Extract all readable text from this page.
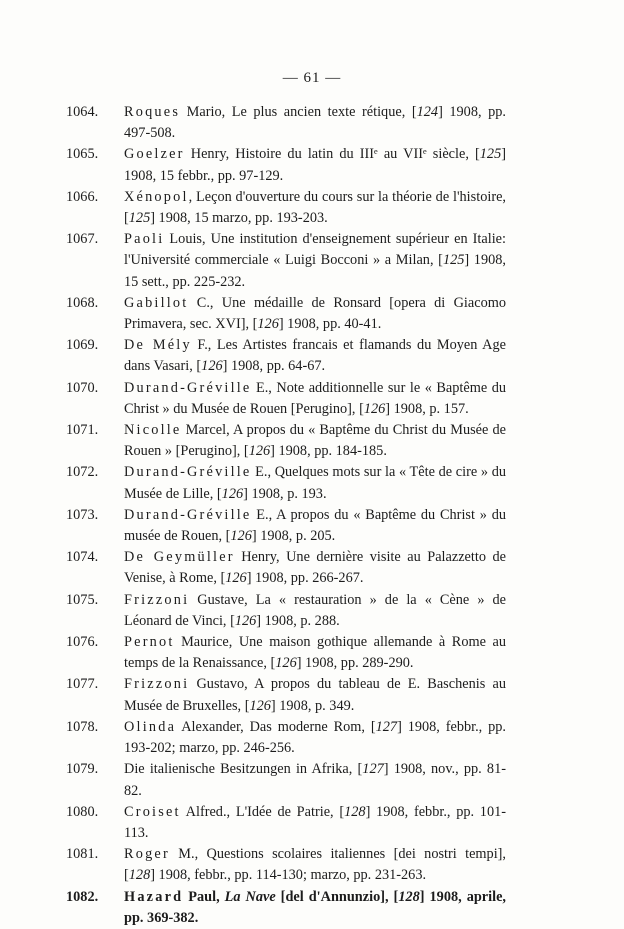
— 61 —
1064.	Roques Mario, Le plus ancien texte rétique, [124] 1908, pp. 497-508.
1065.	Goelzer Henry, Histoire du latin du IIIᵉ au VIIᵉ siècle, [125] 1908, 15 febbr., pp. 97-129.
1066.	Xénopol, Leçon d'ouverture du cours sur la théorie de l'histoire, [125] 1908, 15 marzo, pp. 193-203.
1067.	Paoli Louis, Une institution d'enseignement supérieur en Italie: l'Université commerciale « Luigi Bocconi » a Milan, [125] 1908, 15 sett., pp. 225-232.
1068.	Gabillot C., Une médaille de Ronsard [opera di Giacomo Primavera, sec. XVI], [126] 1908, pp. 40-41.
1069.	De Mély F., Les Artistes francais et flamands du Moyen Age dans Vasari, [126] 1908, pp. 64-67.
1070.	Durand-Gréville E., Note additionnelle sur le « Baptême du Christ » du Musée de Rouen [Perugino], [126] 1908, p. 157.
1071.	Nicolle Marcel, A propos du « Baptême du Christ du Musée de Rouen » [Perugino], [126] 1908, pp. 184-185.
1072.	Durand-Gréville E., Quelques mots sur la « Tête de cire » du Musée de Lille, [126] 1908, p. 193.
1073.	Durand-Gréville E., A propos du « Baptême du Christ » du musée de Rouen, [126] 1908, p. 205.
1074.	De Geymüller Henry, Une dernière visite au Palazzetto de Venise, à Rome, [126] 1908, pp. 266-267.
1075.	Frizzoni Gustave, La « restauration » de la « Cène » de Léonard de Vinci, [126] 1908, p. 288.
1076.	Pernot Maurice, Une maison gothique allemande à Rome au temps de la Renaissance, [126] 1908, pp. 289-290.
1077.	Frizzoni Gustavo, A propos du tableau de E. Baschenis au Musée de Bruxelles, [126] 1908, p. 349.
1078.	Olinda Alexander, Das moderne Rom, [127] 1908, febbr., pp. 193-202; marzo, pp. 246-256.
1079.	Die italienische Besitzungen in Afrika, [127] 1908, nov., pp. 81-82.
1080.	Croiset Alfred., L'Idée de Patrie, [128] 1908, febbr., pp. 101-113.
1081.	Roger M., Questions scolaires italiennes [dei nostri tempi], [128] 1908, febbr., pp. 114-130; marzo, pp. 231-263.
1082.	Hazard Paul, La Nave [del d'Annunzio], [128] 1908, aprile, pp. 369-382.
